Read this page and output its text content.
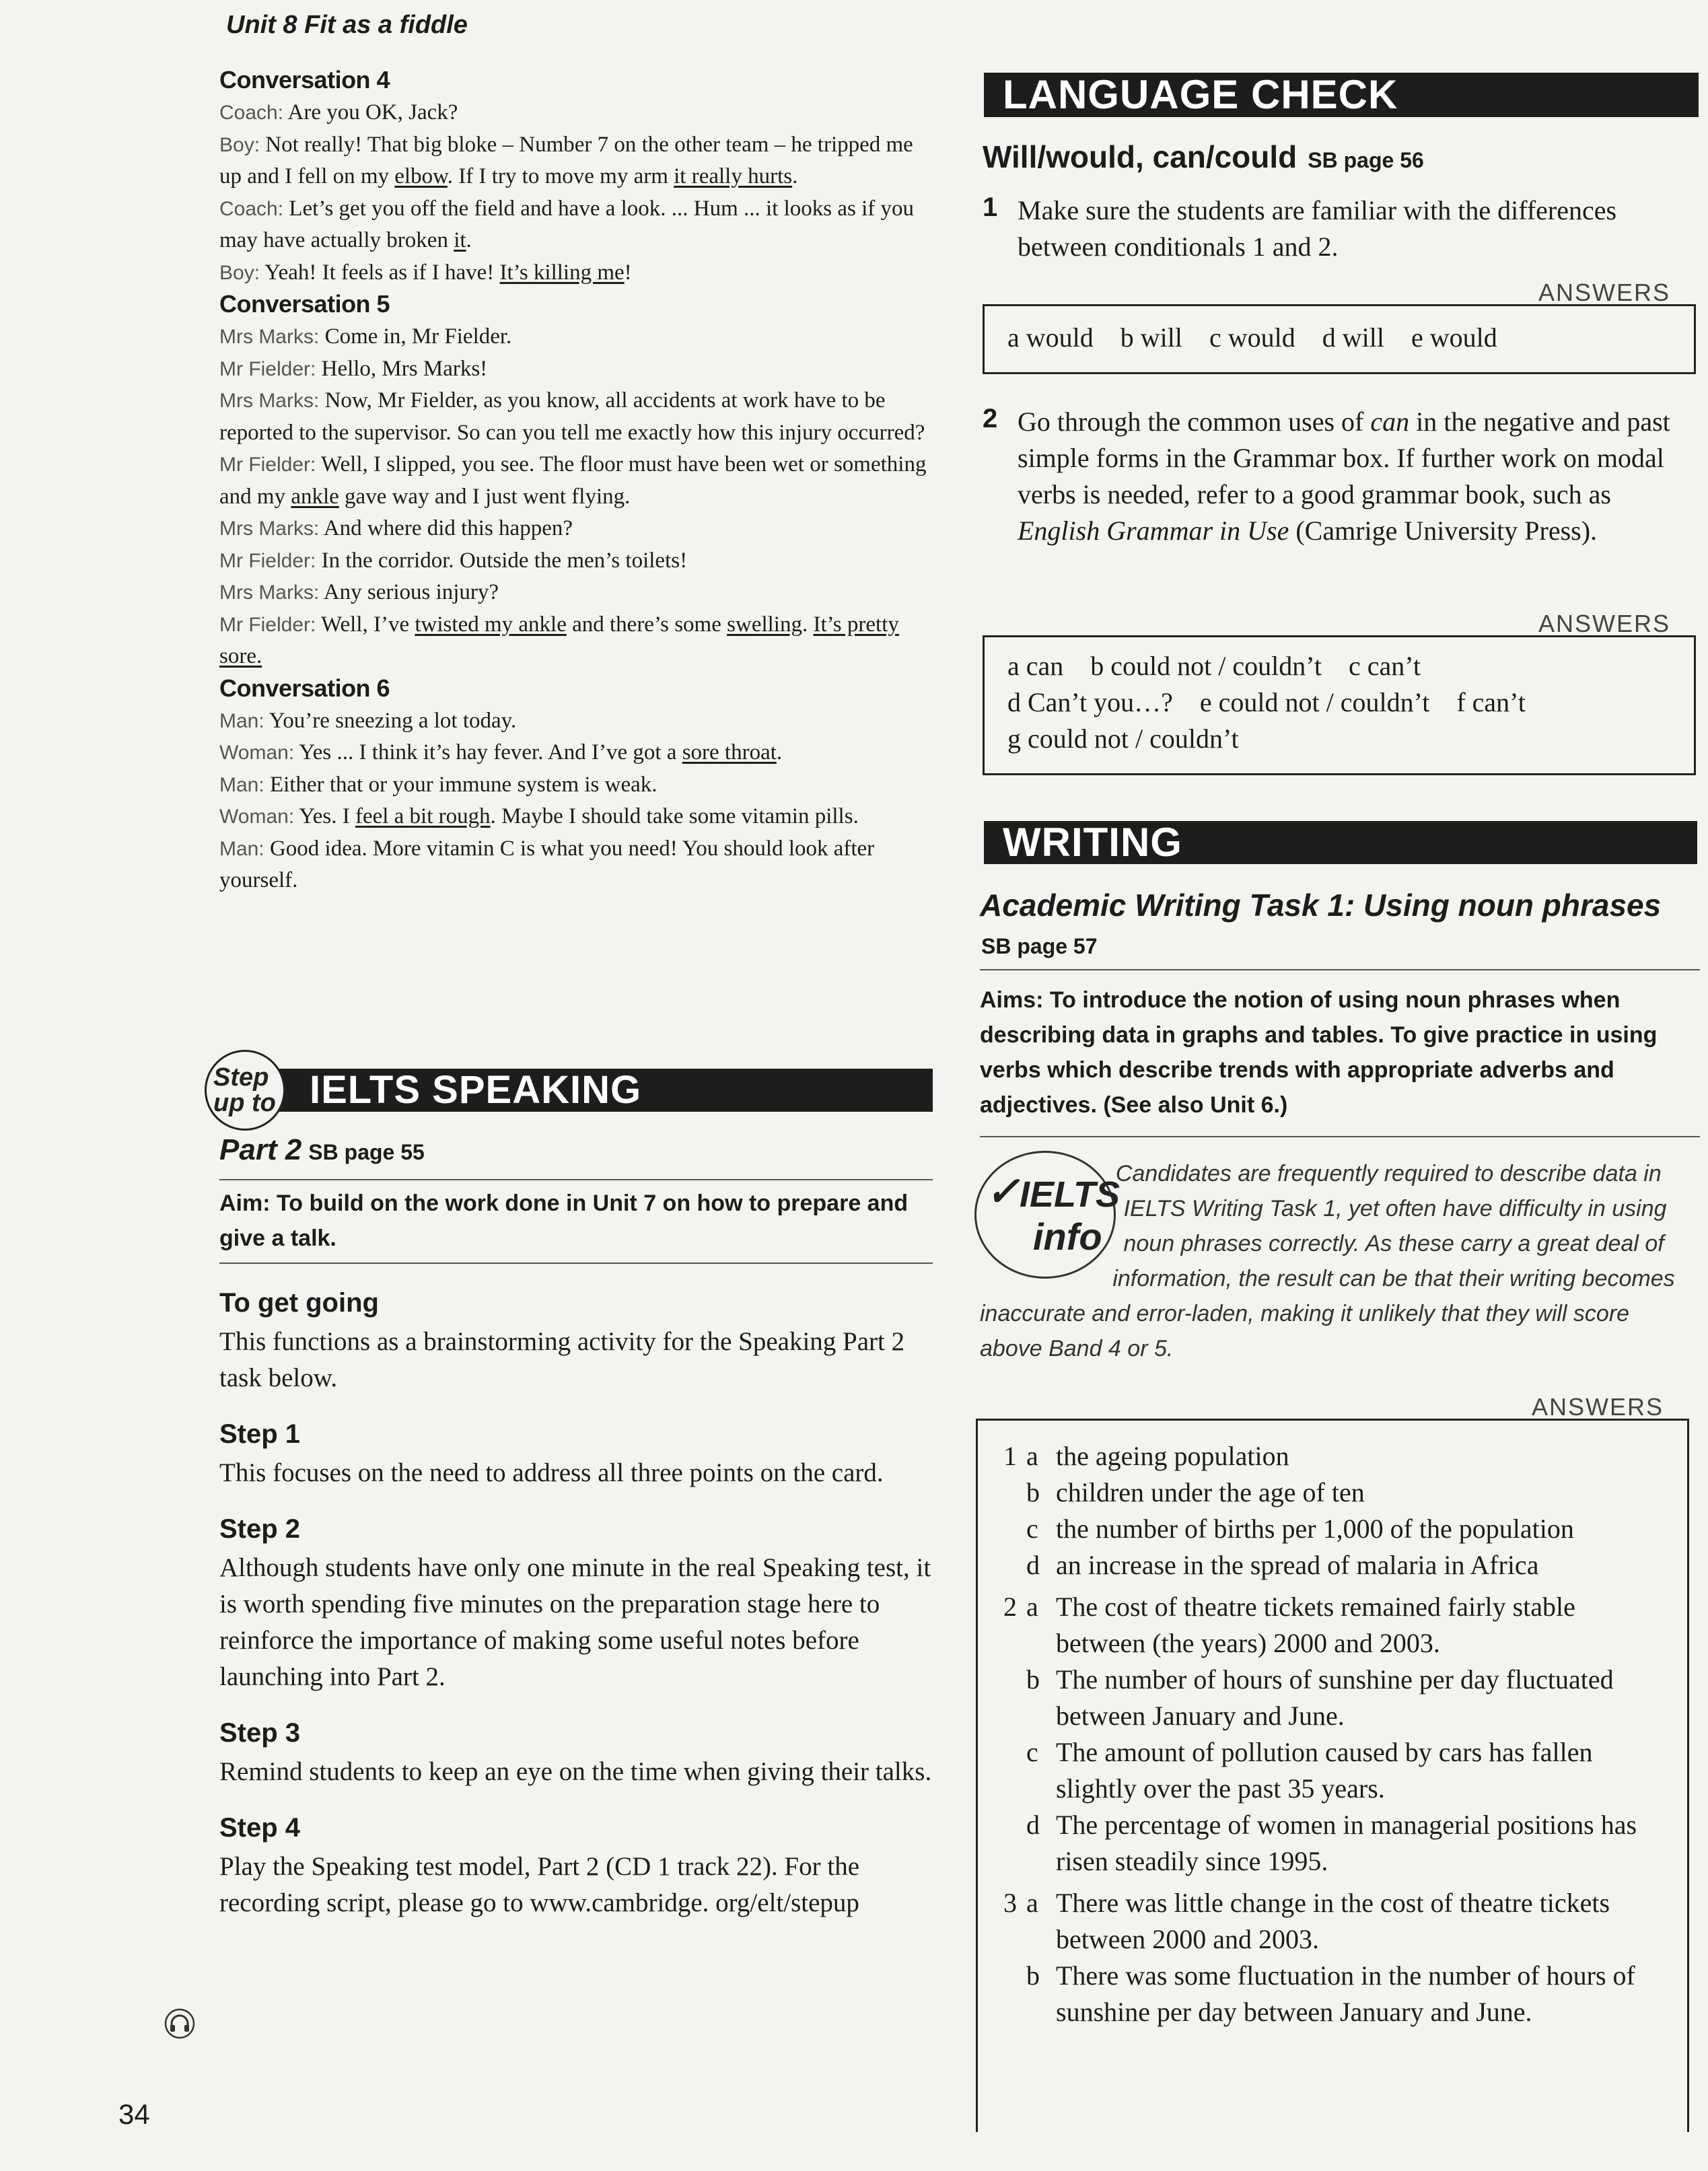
Unit 8 Fit as a fiddle
Conversation 4
Coach: Are you OK, Jack?
Boy: Not really! That big bloke – Number 7 on the other team – he tripped me up and I fell on my elbow. If I try to move my arm it really hurts.
Coach: Let’s get you off the field and have a look. ... Hum ... it looks as if you may have actually broken it.
Boy: Yeah! It feels as if I have! It’s killing me!
Conversation 5
Mrs Marks: Come in, Mr Fielder.
Mr Fielder: Hello, Mrs Marks!
Mrs Marks: Now, Mr Fielder, as you know, all accidents at work have to be reported to the supervisor. So can you tell me exactly how this injury occurred?
Mr Fielder: Well, I slipped, you see. The floor must have been wet or something and my ankle gave way and I just went flying.
Mrs Marks: And where did this happen?
Mr Fielder: In the corridor. Outside the men’s toilets!
Mrs Marks: Any serious injury?
Mr Fielder: Well, I’ve twisted my ankle and there’s some swelling. It’s pretty sore.
Conversation 6
Man: You’re sneezing a lot today.
Woman: Yes ... I think it’s hay fever. And I’ve got a sore throat.
Man: Either that or your immune system is weak.
Woman: Yes. I feel a bit rough. Maybe I should take some vitamin pills.
Man: Good idea. More vitamin C is what you need! You should look after yourself.
IELTS SPEAKING
Step
up to
Part 2 SB page 55
Aim: To build on the work done in Unit 7 on how to prepare and give a talk.
To get going
This functions as a brainstorming activity for the Speaking Part 2 task below.
Step 1
This focuses on the need to address all three points on the card.
Step 2
Although students have only one minute in the real Speaking test, it is worth spending five minutes on the preparation stage here to reinforce the importance of making some useful notes before launching into Part 2.
Step 3
Remind students to keep an eye on the time when giving their talks.
Step 4
Play the Speaking test model, Part 2 (CD 1 track 22). For the recording script, please go to www.cambridge. org/elt/stepup
34
LANGUAGE CHECK
Will/would, can/could SB page 56
1 Make sure the students are familiar with the differences between conditionals 1 and 2.
ANSWERS
a would  b will  c would  d will  e would
2 Go through the common uses of can in the negative and past simple forms in the Grammar box. If further work on modal verbs is needed, refer to a good grammar book, such as English Grammar in Use (Camrige University Press).
ANSWERS
a can  b could not / couldn’t  c can’t
d Can’t you…?  e could not / couldn’t  f can’t
g could not / couldn’t
WRITING
Academic Writing Task 1: Using noun phrases
SB page 57
Aims: To introduce the notion of using noun phrases when describing data in graphs and tables. To give practice in using verbs which describe trends with appropriate adverbs and adjectives. (See also Unit 6.)
✓ IELTS
info
Candidates are frequently required to describe data in IELTS Writing Task 1, yet often have difficulty in using noun phrases correctly. As these carry a great deal of information, the result can be that their writing becomes inaccurate and error-laden, making it unlikely that they will score above Band 4 or 5.
ANSWERS
1 a the ageing population
b children under the age of ten
c the number of births per 1,000 of the population
d an increase in the spread of malaria in Africa
2 a The cost of theatre tickets remained fairly stable between (the years) 2000 and 2003.
b The number of hours of sunshine per day fluctuated between January and June.
c The amount of pollution caused by cars has fallen slightly over the past 35 years.
d The percentage of women in managerial positions has risen steadily since 1995.
3 a There was little change in the cost of theatre tickets between 2000 and 2003.
b There was some fluctuation in the number of hours of sunshine per day between January and June.
